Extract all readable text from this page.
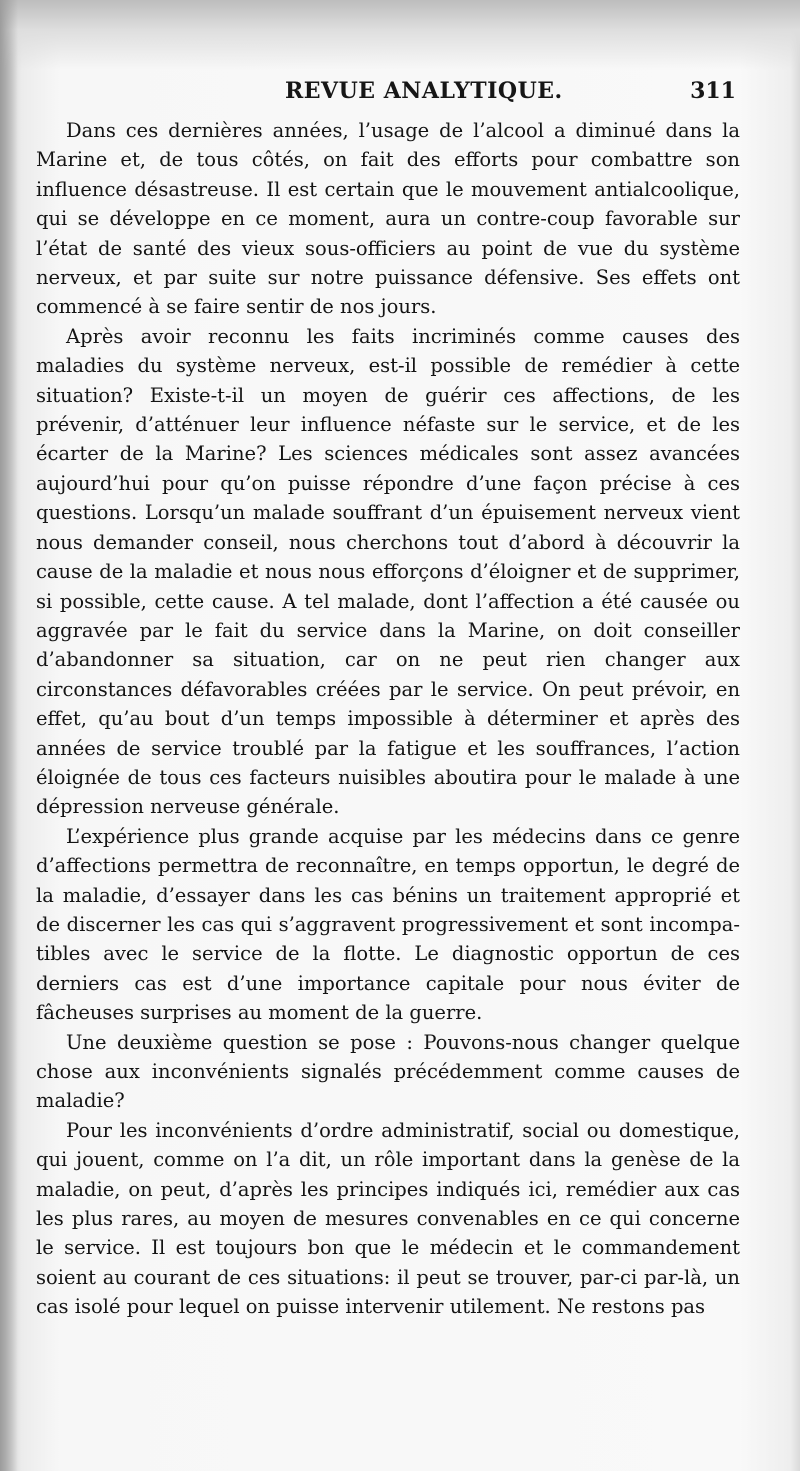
REVUE ANALYTIQUE.	311

Dans ces dernières années, l’usage de l’alcool a diminué dans la Marine et, de tous côtés, on fait des efforts pour combattre son influence désastreuse. Il est certain que le mouvement antialcoolique, qui se développe en ce moment, aura un contre-coup favorable sur l’état de santé des vieux sous-officiers au point de vue du système nerveux, et par suite sur notre puissance défensive. Ses effets ont commencé à se faire sentir de nos jours.

Après avoir reconnu les faits incriminés comme causes des maladies du système nerveux, est-il possible de remédier à cette situation? Existe-t-il un moyen de guérir ces affections, de les prévenir, d’atténuer leur influence néfaste sur le service, et de les écarter de la Marine? Les sciences médicales sont assez avancées aujourd’hui pour qu’on puisse répondre d’une façon précise à ces questions. Lorsqu’un malade souffrant d’un épuisement nerveux vient nous demander conseil, nous cherchons tout d’abord à découvrir la cause de la maladie et nous nous efforçons d’éloigner et de supprimer, si possible, cette cause. A tel malade, dont l’affection a été causée ou aggravée par le fait du service dans la Marine, on doit conseiller d’abandonner sa situation, car on ne peut rien changer aux circonstances défavorables créées par le service. On peut prévoir, en effet, qu’au bout d’un temps impossible à déterminer et après des années de service troublé par la fatigue et les souffrances, l’action éloignée de tous ces facteurs nuisibles aboutira pour le malade à une dépression nerveuse générale.

L’expérience plus grande acquise par les médecins dans ce genre d’affections permettra de reconnaître, en temps opportun, le degré de la maladie, d’essayer dans les cas bénins un traitement approprié et de discerner les cas qui s’aggravent progressivement et sont incompatibles avec le service de la flotte. Le diagnostic opportun de ces derniers cas est d’une importance capitale pour nous éviter de fâcheuses surprises au moment de la guerre.

Une deuxième question se pose : Pouvons-nous changer quelque chose aux inconvénients signalés précédemment comme causes de maladie?

Pour les inconvénients d’ordre administratif, social ou domestique, qui jouent, comme on l’a dit, un rôle important dans la genèse de la maladie, on peut, d’après les principes indiqués ici, remédier aux cas les plus rares, au moyen de mesures convenables en ce qui concerne le service. Il est toujours bon que le médecin et le commandement soient au courant de ces situations: il peut se trouver, par-ci par-là, un cas isolé pour lequel on puisse intervenir utilement. Ne restons pas
